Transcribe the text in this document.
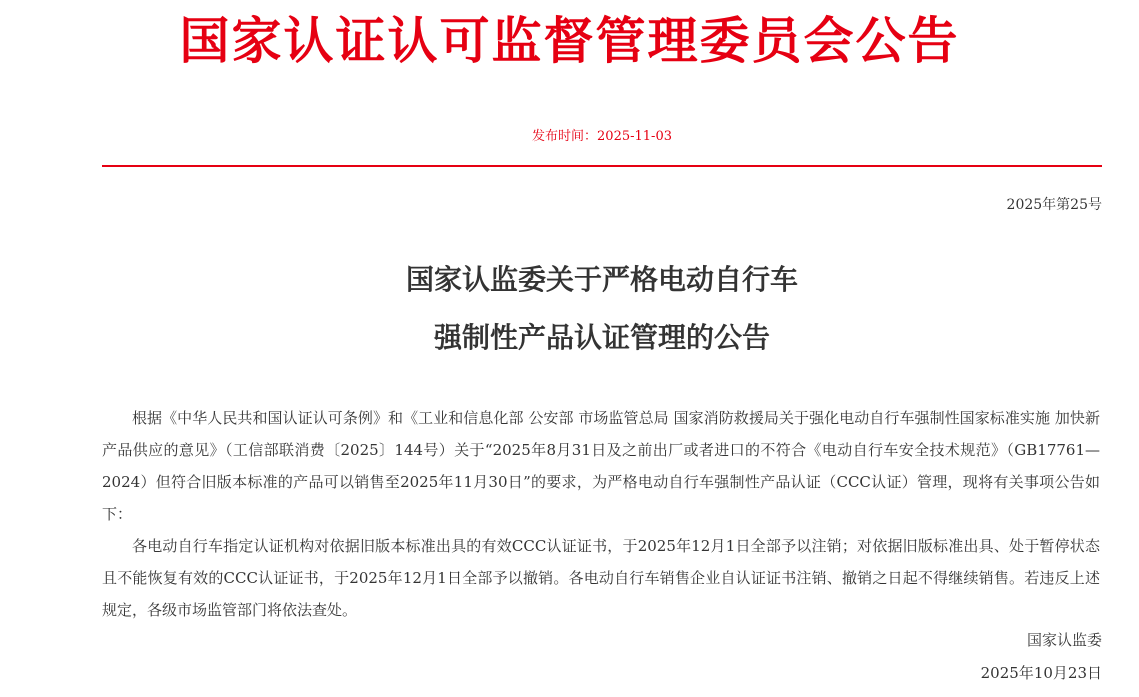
国家认证认可监督管理委员会公告
发布时间：2025-11-03
2025年第25号
国家认监委关于严格电动自行车
强制性产品认证管理的公告

根据《中华人民共和国认证认可条例》和《工业和信息化部 公安部 市场监管总局 国家消防救援局关于强化电动自行车强制性国家标准实施 加快新产品供应的意见》（工信部联消费〔2025〕144号）关于“2025年8月31日及之前出厂或者进口的不符合《电动自行车安全技术规范》（GB17761—2024）但符合旧版本标准的产品可以销售至2025年11月30日”的要求，为严格电动自行车强制性产品认证（CCC认证）管理，现将有关事项公告如下：

各电动自行车指定认证机构对依据旧版本标准出具的有效CCC认证证书，于2025年12月1日全部予以注销；对依据旧版标准出具、处于暂停状态且不能恢复有效的CCC认证证书，于2025年12月1日全部予以撤销。各电动自行车销售企业自认证证书注销、撤销之日起不得继续销售。若违反上述规定，各级市场监管部门将依法查处。

国家认监委
2025年10月23日
